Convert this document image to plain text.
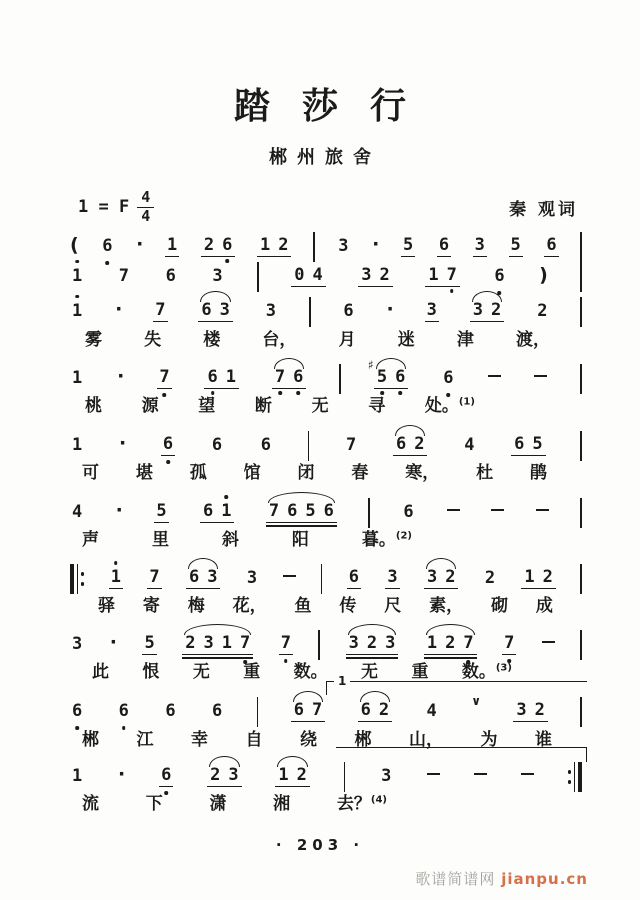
踏莎行
郴州旅舍
1 = F $\frac{4}{4}$	秦 观词
( 6 · 1 2 6 1 2	3 · 5 6 3 5 6
1 7 6 3	0 4 3 2 1 7 6 )
1 · 7 6 3 3	6 · 3 3 2 2
雾 失 楼 台， 月 迷 津 渡，
1 · 7 6 1 7 6
♯
5 6 6
桃 源 望 断 无 寻 处。$^{(1)}$
1 · 6 6 6	7 6 2 4 6 5
可 堪 孤 馆 闭 春 寒， 杜 鹃
4 · 5 6 1 7 6 5 6	6
声	里	斜	阳	暮。$^{(2)}$
1 7 6 3 3	6 3 3 2 2 1 2
驿 寄 梅 花， 鱼 传 尺 素， 砌 成
3 · 5 2 3 1 7 7	3 2 3 1 2 7 7
此 恨 无 重 数。 无 重 数。$^{(3)}$
1
6 6 6 6	6 7 6 2 4	∨ 3 2
郴 江 幸 自 绕 郴 山， 为 谁
1 · 6 2 3 1 2	3
流	下	潇	湘	去？$^{(4)}$
· 203 ·
歌谱简谱网 jianpu.cn
